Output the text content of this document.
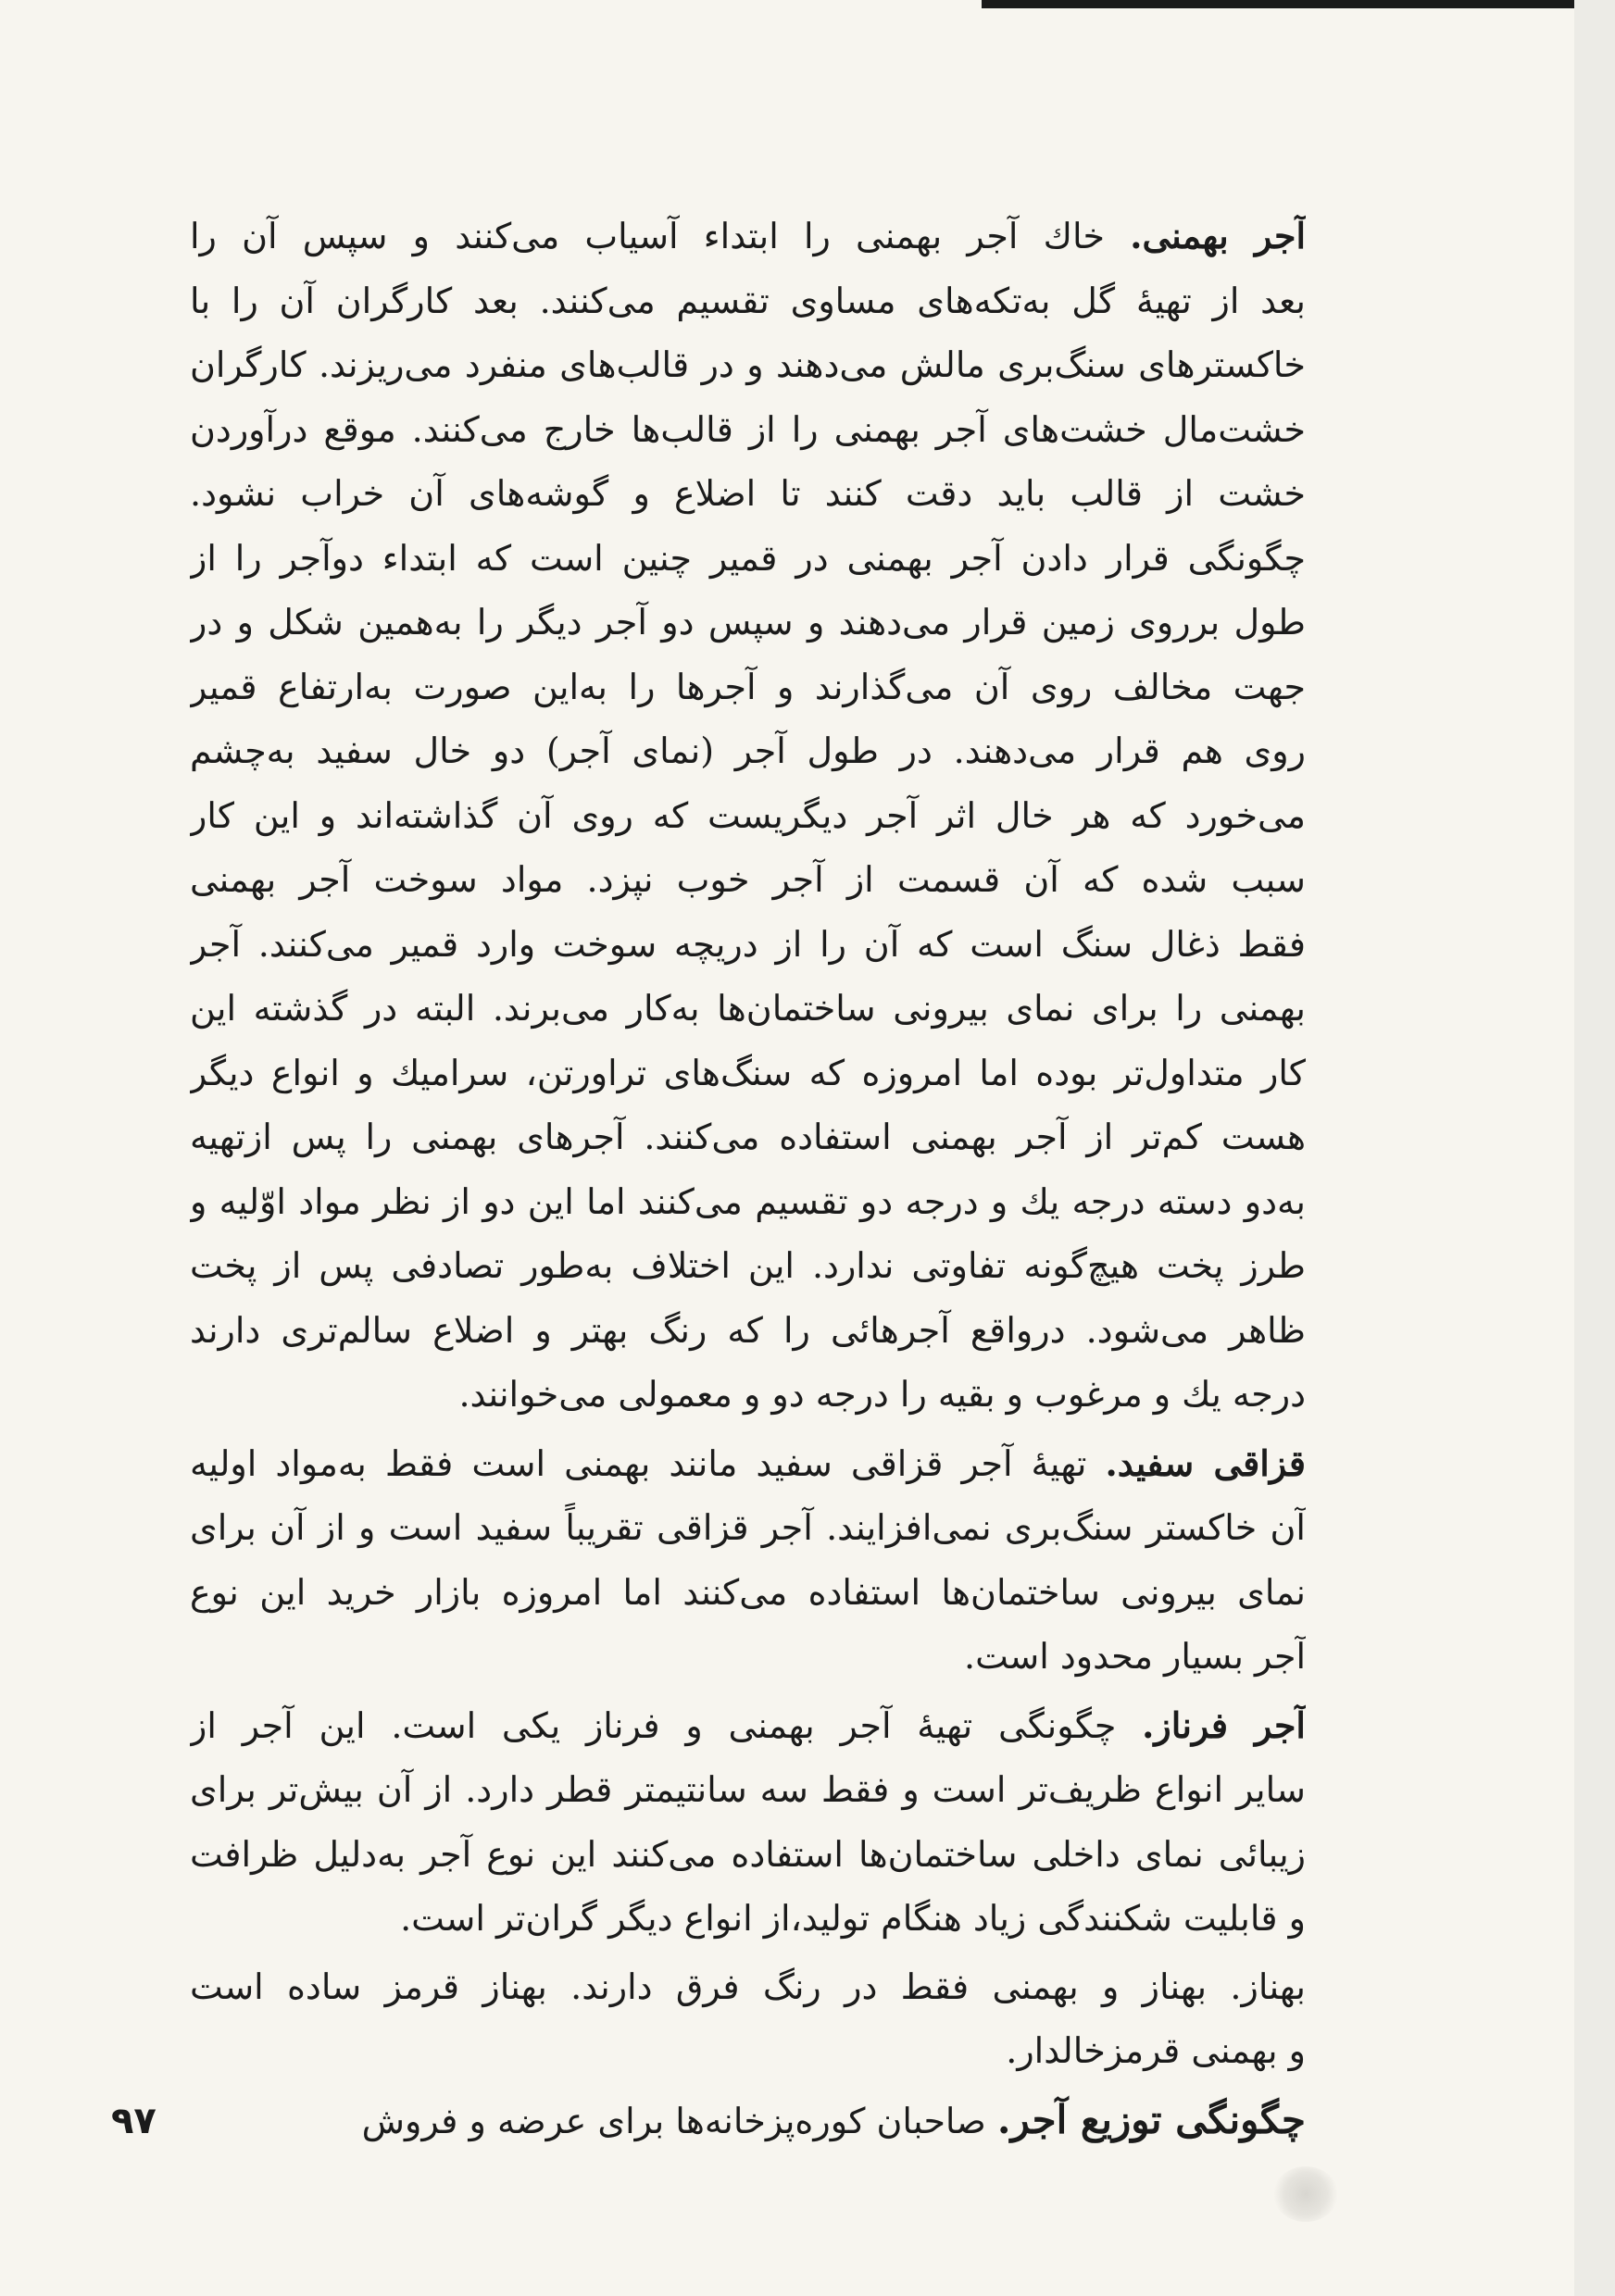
آجر بهمنی. خاك آجر بهمنی را ابتداء آسیاب می‌کنند و سپس آن را
بعد از تهیهٔ گل به‌تکه‌های مساوی تقسیم می‌کنند. بعد کارگران آن را با
خاکسترهای سنگ‌بری مالش می‌دهند و در قالب‌های منفرد می‌ریزند. کارگران
خشت‌مال خشت‌های آجر بهمنی را از قالب‌ها خارج می‌کنند. موقع درآوردن
خشت از قالب باید دقت کنند تا اضلاع و گوشه‌های آن خراب نشود.
چگونگی قرار دادن آجر بهمنی در قمیر چنین است که ابتداء دوآجر را از
طول برروی زمین قرار می‌دهند و سپس دو آجر دیگر را به‌همین شکل و در
جهت مخالف روی آن می‌گذارند و آجرها را به‌این صورت به‌ارتفاع قمیر
روی هم قرار می‌دهند. در طول آجر (نمای آجر) دو خال سفید به‌چشم
می‌خورد که هر خال اثر آجر دیگریست که روی آن گذاشته‌اند و این کار
سبب شده که آن قسمت از آجر خوب نپزد. مواد سوخت آجر بهمنی
فقط ذغال سنگ است که آن را از دریچه سوخت وارد قمیر می‌کنند. آجر
بهمنی را برای نمای بیرونی ساختمان‌ها به‌کار می‌برند. البته در گذشته این
کار متداول‌تر بوده اما امروزه که سنگ‌های تراورتن، سرامیك و انواع دیگر
هست کم‌تر از آجر بهمنی استفاده می‌کنند. آجرهای بهمنی را پس ازتهیه
به‌دو دسته درجه یك و درجه دو تقسیم می‌کنند اما این دو از نظر مواد اوّلیه و
طرز پخت هیچ‌گونه تفاوتی ندارد. این اختلاف به‌طور تصادفی پس از پخت
ظاهر می‌شود. درواقع آجرهائی را که رنگ بهتر و اضلاع سالم‌تری دارند
درجه یك و مرغوب و بقیه را درجه دو و معمولی می‌خوانند.
قزاقی سفید. تهیهٔ آجر قزاقی سفید مانند بهمنی است فقط به‌مواد اولیه
آن خاکستر سنگ‌بری نمی‌افزایند. آجر قزاقی تقریباً سفید است و از آن برای
نمای بیرونی ساختمان‌ها استفاده می‌کنند اما امروزه بازار خرید این نوع
آجر بسیار محدود است.
آجر فرناز. چگونگی تهیهٔ آجر بهمنی و فرناز یکی است. این آجر از
سایر انواع ظریف‌تر است و فقط سه سانتیمتر قطر دارد. از آن بیش‌تر برای
زیبائی نمای داخلی ساختمان‌ها استفاده می‌کنند این نوع آجر به‌دلیل ظرافت
و قابلیت شکنندگی زیاد هنگام تولید،از انواع دیگر گران‌تر است.
بهناز. بهناز و بهمنی فقط در رنگ فرق دارند. بهناز قرمز ساده است
و بهمنی قرمزخالدار.
چگونگی توزیع آجر. صاحبان کوره‌پزخانه‌ها برای عرضه و فروش
۹۷
